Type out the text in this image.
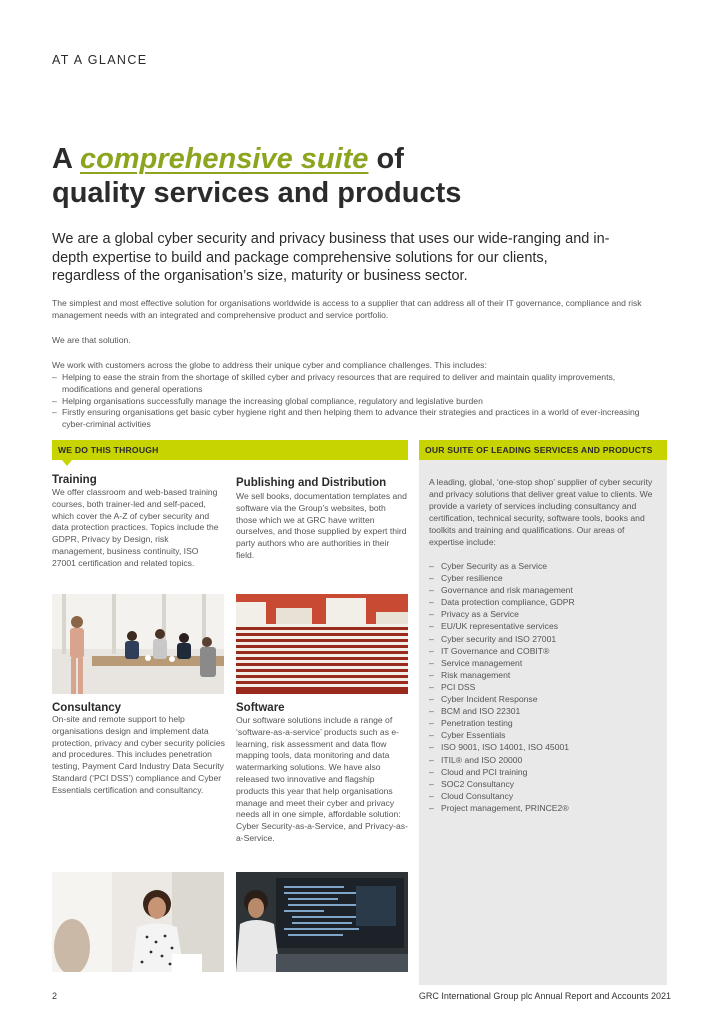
AT A GLANCE
A comprehensive suite of
quality services and products

We are a global cyber security and privacy business that uses our wide-ranging and in-depth expertise to build and package comprehensive solutions for our clients, regardless of the organisation’s size, maturity or business sector.

The simplest and most effective solution for organisations worldwide is access to a supplier that can address all of their IT governance, compliance and risk management needs with an integrated and comprehensive product and service portfolio.

We are that solution.

We work with customers across the globe to address their unique cyber and compliance challenges. This includes:

– Helping to ease the strain from the shortage of skilled cyber and privacy resources that are required to deliver and maintain quality improvements, modifications and general operations
– Helping organisations successfully manage the increasing global compliance, regulatory and legislative burden
– Firstly ensuring organisations get basic cyber hygiene right and then helping them to advance their strategies and practices in a world of ever-increasing cyber-criminal activities
WE DO THIS THROUGH	OUR SUITE OF LEADING SERVICES AND PRODUCTS
Training

We offer classroom and web-based training courses, both trainer-led and self-paced, which cover the A-Z of cyber security and data protection practices. Topics include the GDPR, Privacy by Design, risk management, business continuity, ISO 27001 certification and related topics.

Publishing and Distribution

We sell books, documentation templates and software via the Group’s websites, both those which we at GRC have written ourselves, and those supplied by expert third party authors who are authorities in their field.

Consultancy

On-site and remote support to help organisations design and implement data protection, privacy and cyber security policies and procedures. This includes penetration testing, Payment Card Industry Data Security Standard (‘PCI DSS’) compliance and Cyber Essentials certification and consultancy.

Software

Our software solutions include a range of ‘software-as-a-service’ products such as e-learning, risk assessment and data flow mapping tools, data monitoring and data watermarking solutions. We have also released two innovative and flagship products this year that help organisations manage and meet their cyber and privacy needs all in one simple, affordable solution: Cyber Security-as-a-Service, and Privacy-as-a-Service.

A leading, global, ‘one-stop shop’ supplier of cyber security and privacy solutions that deliver great value to clients. We provide a variety of services including consultancy and certification, technical security, software tools, books and toolkits and training and qualifications. Our areas of expertise include:

– Cyber Security as a Service
– Cyber resilience
– Governance and risk management
– Data protection compliance, GDPR
– Privacy as a Service
– EU/UK representative services
– Cyber security and ISO 27001
– IT Governance and COBIT®
– Service management
– Risk management
– PCI DSS
– Cyber Incident Response
– BCM and ISO 22301
– Penetration testing
– Cyber Essentials
– ISO 9001, ISO 14001, ISO 45001
– ITIL® and ISO 20000
– Cloud and PCI training
– SOC2 Consultancy
– Cloud Consultancy
– Project management, PRINCE2®
2	GRC International Group plc Annual Report and Accounts 2021
